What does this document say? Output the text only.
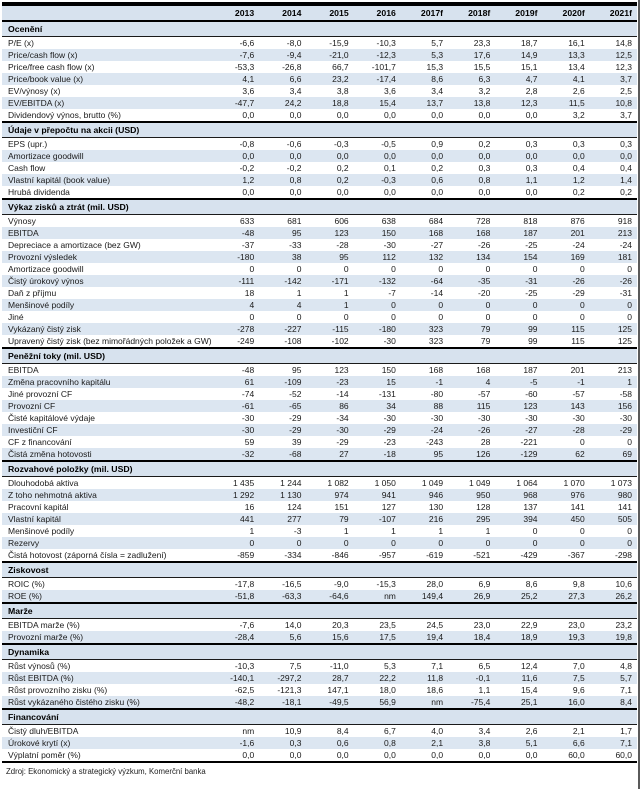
	2013	2014	2015	2016	2017f	2018f	2019f	2020f	2021f
Ocenění									
P/E (x)	-6,6	-8,0	-15,9	-10,3	5,7	23,3	18,7	16,1	14,8
Price/cash flow (x)	-7,6	-9,4	-21,0	-12,3	5,3	17,6	14,9	13,3	12,5
Price/free cash flow (x)	-53,3	-26,8	66,7	-101,7	15,3	15,5	15,1	13,4	12,3
Price/book value (x)	4,1	6,6	23,2	-17,4	8,6	6,3	4,7	4,1	3,7
EV/výnosy (x)	3,6	3,4	3,8	3,6	3,4	3,2	2,8	2,6	2,5
EV/EBITDA (x)	-47,7	24,2	18,8	15,4	13,7	13,8	12,3	11,5	10,8
Dividendový výnos, brutto (%)	0,0	0,0	0,0	0,0	0,0	0,0	0,0	3,2	3,7
Údaje v přepočtu na akcii (USD)									
EPS (upr.)	-0,8	-0,6	-0,3	-0,5	0,9	0,2	0,3	0,3	0,3
Amortizace goodwill	0,0	0,0	0,0	0,0	0,0	0,0	0,0	0,0	0,0
Cash flow	-0,2	-0,2	0,2	0,1	0,2	0,3	0,3	0,4	0,4
Vlastní kapitál (book value)	1,2	0,8	0,2	-0,3	0,6	0,8	1,1	1,2	1,4
Hrubá dividenda	0,0	0,0	0,0	0,0	0,0	0,0	0,0	0,2	0,2
Výkaz zisků a ztrát (mil. USD)									
Výnosy	633	681	606	638	684	728	818	876	918
EBITDA	-48	95	123	150	168	168	187	201	213
Depreciace a amortizace (bez GW)	-37	-33	-28	-30	-27	-26	-25	-24	-24
Provozní výsledek	-180	38	95	112	132	134	154	169	181
Amortizace goodwill	0	0	0	0	0	0	0	0	0
Čistý úrokový výnos	-111	-142	-171	-132	-64	-35	-31	-26	-26
Daň z příjmu	18	1	1	-7	-14	-20	-25	-29	-31
Menšinové podíly	4	4	1	0	0	0	0	0	0
Jiné	0	0	0	0	0	0	0	0	0
Vykázaný čistý zisk	-278	-227	-115	-180	323	79	99	115	125
Upravený čistý zisk (bez mimořádných položek a GW)	-249	-108	-102	-30	323	79	99	115	125
Peněžní toky (mil. USD)									
EBITDA	-48	95	123	150	168	168	187	201	213
Změna pracovního kapitálu	61	-109	-23	15	-1	4	-5	-1	1
Jiné provozní CF	-74	-52	-14	-131	-80	-57	-60	-57	-58
Provozní CF	-61	-65	86	34	88	115	123	143	156
Čisté kapitálové výdaje	-30	-29	-34	-30	-30	-30	-30	-30	-30
Investiční CF	-30	-29	-30	-29	-24	-26	-27	-28	-29
CF z financování	59	39	-29	-23	-243	28	-221	0	0
Čistá změna hotovosti	-32	-68	27	-18	95	126	-129	62	69
Rozvahové položky (mil. USD)									
Dlouhodobá aktiva	1 435	1 244	1 082	1 050	1 049	1 049	1 064	1 070	1 073
Z toho nehmotná aktiva	1 292	1 130	974	941	946	950	968	976	980
Pracovní kapitál	16	124	151	127	130	128	137	141	141
Vlastní kapitál	441	277	79	-107	216	295	394	450	505
Menšinové podíly	1	-3	1	1	1	1	0	0	0
Rezervy	0	0	0	0	0	0	0	0	0
Čistá hotovost (záporná čísla = zadlužení)	-859	-334	-846	-957	-619	-521	-429	-367	-298
Ziskovost									
ROIC (%)	-17,8	-16,5	-9,0	-15,3	28,0	6,9	8,6	9,8	10,6
ROE (%)	-51,8	-63,3	-64,6	nm	149,4	26,9	25,2	27,3	26,2
Marže									
EBITDA marže (%)	-7,6	14,0	20,3	23,5	24,5	23,0	22,9	23,0	23,2
Provozní marže (%)	-28,4	5,6	15,6	17,5	19,4	18,4	18,9	19,3	19,8
Dynamika									
Růst výnosů (%)	-10,3	7,5	-11,0	5,3	7,1	6,5	12,4	7,0	4,8
Růst EBITDA (%)	-140,1	-297,2	28,7	22,2	11,8	-0,1	11,6	7,5	5,7
Růst provozního zisku (%)	-62,5	-121,3	147,1	18,0	18,6	1,1	15,4	9,6	7,1
Růst vykázaného čistého zisku (%)	-48,2	-18,1	-49,5	56,9	nm	-75,4	25,1	16,0	8,4
Financování									
Čistý dluh/EBITDA	nm	10,9	8,4	6,7	4,0	3,4	2,6	2,1	1,7
Úrokové krytí (x)	-1,6	0,3	0,6	0,8	2,1	3,8	5,1	6,6	7,1
Výplatní poměr (%)	0,0	0,0	0,0	0,0	0,0	0,0	0,0	60,0	60,0
Zdroj: Ekonomický a strategický výzkum, Komerční banka
